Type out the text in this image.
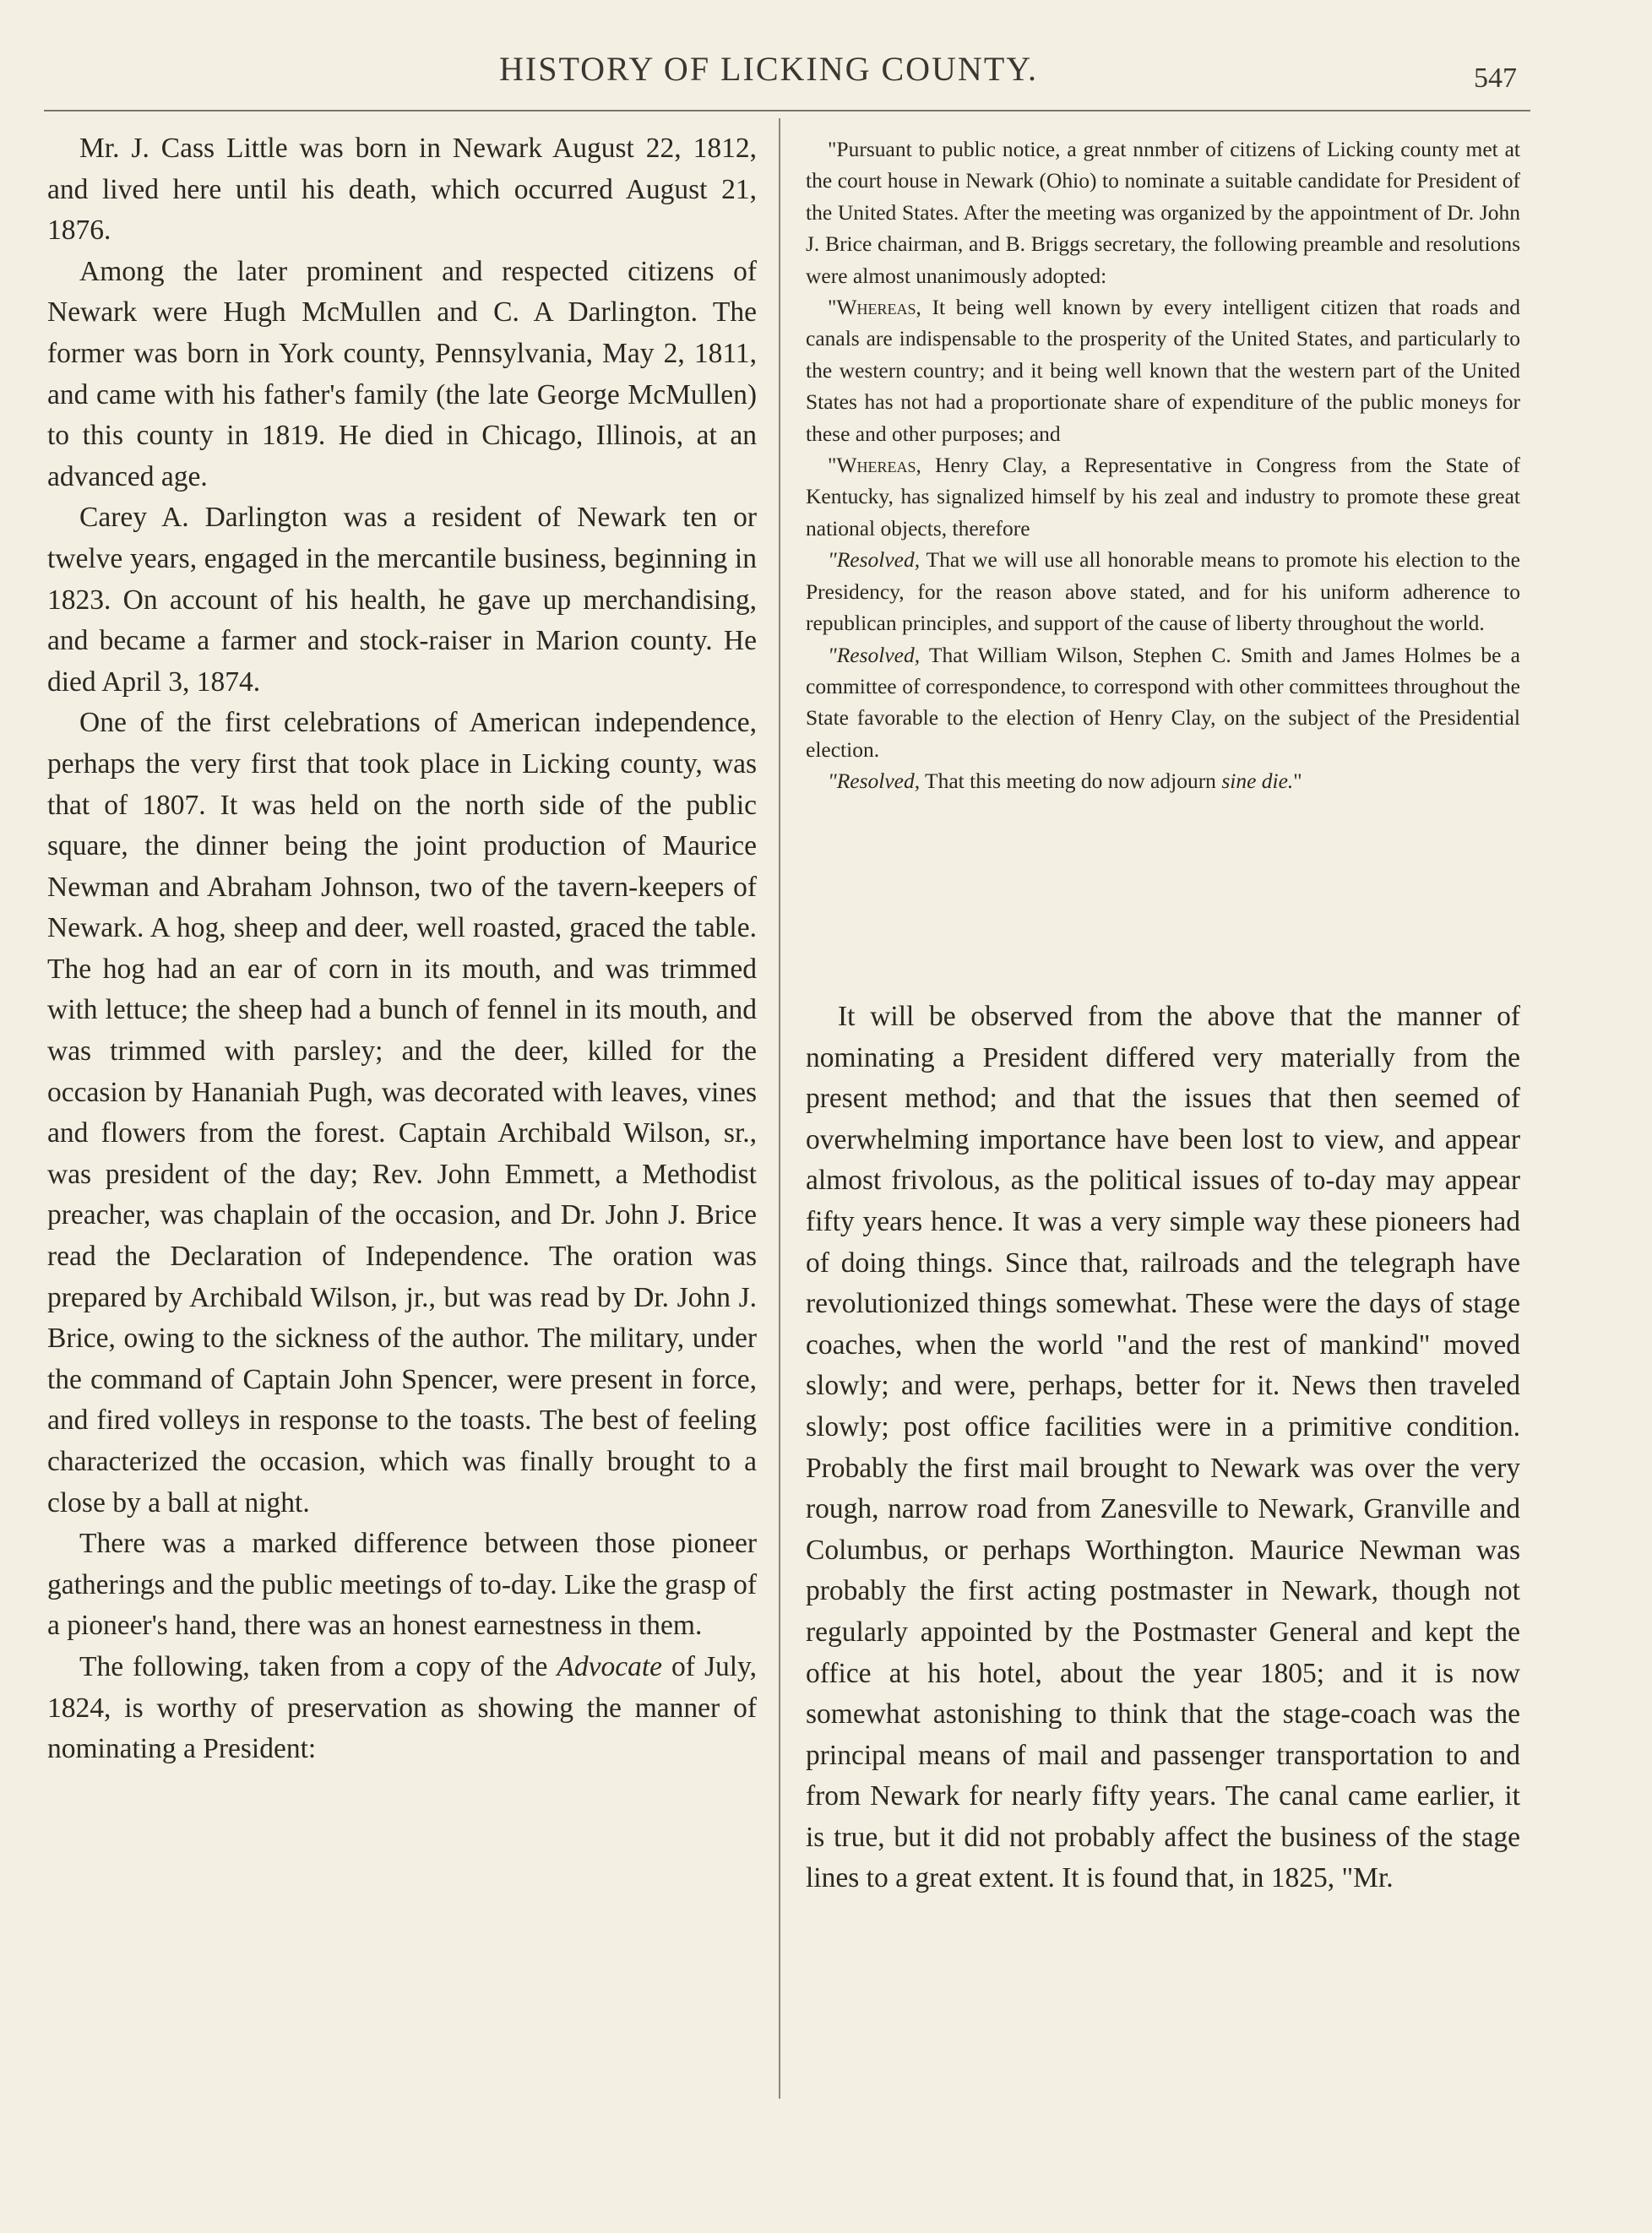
HISTORY OF LICKING COUNTY.	547

Mr. J. Cass Little was born in Newark August 22, 1812, and lived here until his death, which occurred August 21, 1876.

Among the later prominent and respected citizens of Newark were Hugh McMullen and C. A Darlington. The former was born in York county, Pennsylvania, May 2, 1811, and came with his father's family (the late George McMullen) to this county in 1819. He died in Chicago, Illinois, at an advanced age.

Carey A. Darlington was a resident of Newark ten or twelve years, engaged in the mercantile business, beginning in 1823. On account of his health, he gave up merchandising, and became a farmer and stock-raiser in Marion county. He died April 3, 1874.

One of the first celebrations of American independence, perhaps the very first that took place in Licking county, was that of 1807. It was held on the north side of the public square, the dinner being the joint production of Maurice Newman and Abraham Johnson, two of the tavern-keepers of Newark. A hog, sheep and deer, well roasted, graced the table. The hog had an ear of corn in its mouth, and was trimmed with lettuce; the sheep had a bunch of fennel in its mouth, and was trimmed with parsley; and the deer, killed for the occasion by Hananiah Pugh, was decorated with leaves, vines and flowers from the forest. Captain Archibald Wilson, sr., was president of the day; Rev. John Emmett, a Methodist preacher, was chaplain of the occasion, and Dr. John J. Brice read the Declaration of Independence. The oration was prepared by Archibald Wilson, jr., but was read by Dr. John J. Brice, owing to the sickness of the author. The military, under the command of Captain John Spencer, were present in force, and fired volleys in response to the toasts. The best of feeling characterized the occasion, which was finally brought to a close by a ball at night.

There was a marked difference between those pioneer gatherings and the public meetings of to-day. Like the grasp of a pioneer's hand, there was an honest earnestness in them.

The following, taken from a copy of the Advocate of July, 1824, is worthy of preservation as showing the manner of nominating a President:

"Pursuant to public notice, a great nnmber of citizens of Licking county met at the court house in Newark (Ohio) to nominate a suitable candidate for President of the United States. After the meeting was organized by the appointment of Dr. John J. Brice chairman, and B. Briggs secretary, the following preamble and resolutions were almost unanimously adopted:

"Whereas, It being well known by every intelligent citizen that roads and canals are indispensable to the prosperity of the United States, and particularly to the western country; and it being well known that the western part of the United States has not had a proportionate share of expenditure of the public moneys for these and other purposes; and

"Whereas, Henry Clay, a Representative in Congress from the State of Kentucky, has signalized himself by his zeal and industry to promote these great national objects, therefore

"Resolved, That we will use all honorable means to promote his election to the Presidency, for the reason above stated, and for his uniform adherence to republican principles, and support of the cause of liberty throughout the world.

"Resolved, That William Wilson, Stephen C. Smith and James Holmes be a committee of correspondence, to correspond with other committees throughout the State favorable to the election of Henry Clay, on the subject of the Presidential election.

"Resolved, That this meeting do now adjourn sine die."

It will be observed from the above that the manner of nominating a President differed very materially from the present method; and that the issues that then seemed of overwhelming importance have been lost to view, and appear almost frivolous, as the political issues of to-day may appear fifty years hence. It was a very simple way these pioneers had of doing things. Since that, railroads and the telegraph have revolutionized things somewhat. These were the days of stage coaches, when the world "and the rest of mankind" moved slowly; and were, perhaps, better for it. News then traveled slowly; post office facilities were in a primitive condition. Probably the first mail brought to Newark was over the very rough, narrow road from Zanesville to Newark, Granville and Columbus, or perhaps Worthington. Maurice Newman was probably the first acting postmaster in Newark, though not regularly appointed by the Postmaster General and kept the office at his hotel, about the year 1805; and it is now somewhat astonishing to think that the stage-coach was the principal means of mail and passenger transportation to and from Newark for nearly fifty years. The canal came earlier, it is true, but it did not probably affect the business of the stage lines to a great extent. It is found that, in 1825, "Mr.
